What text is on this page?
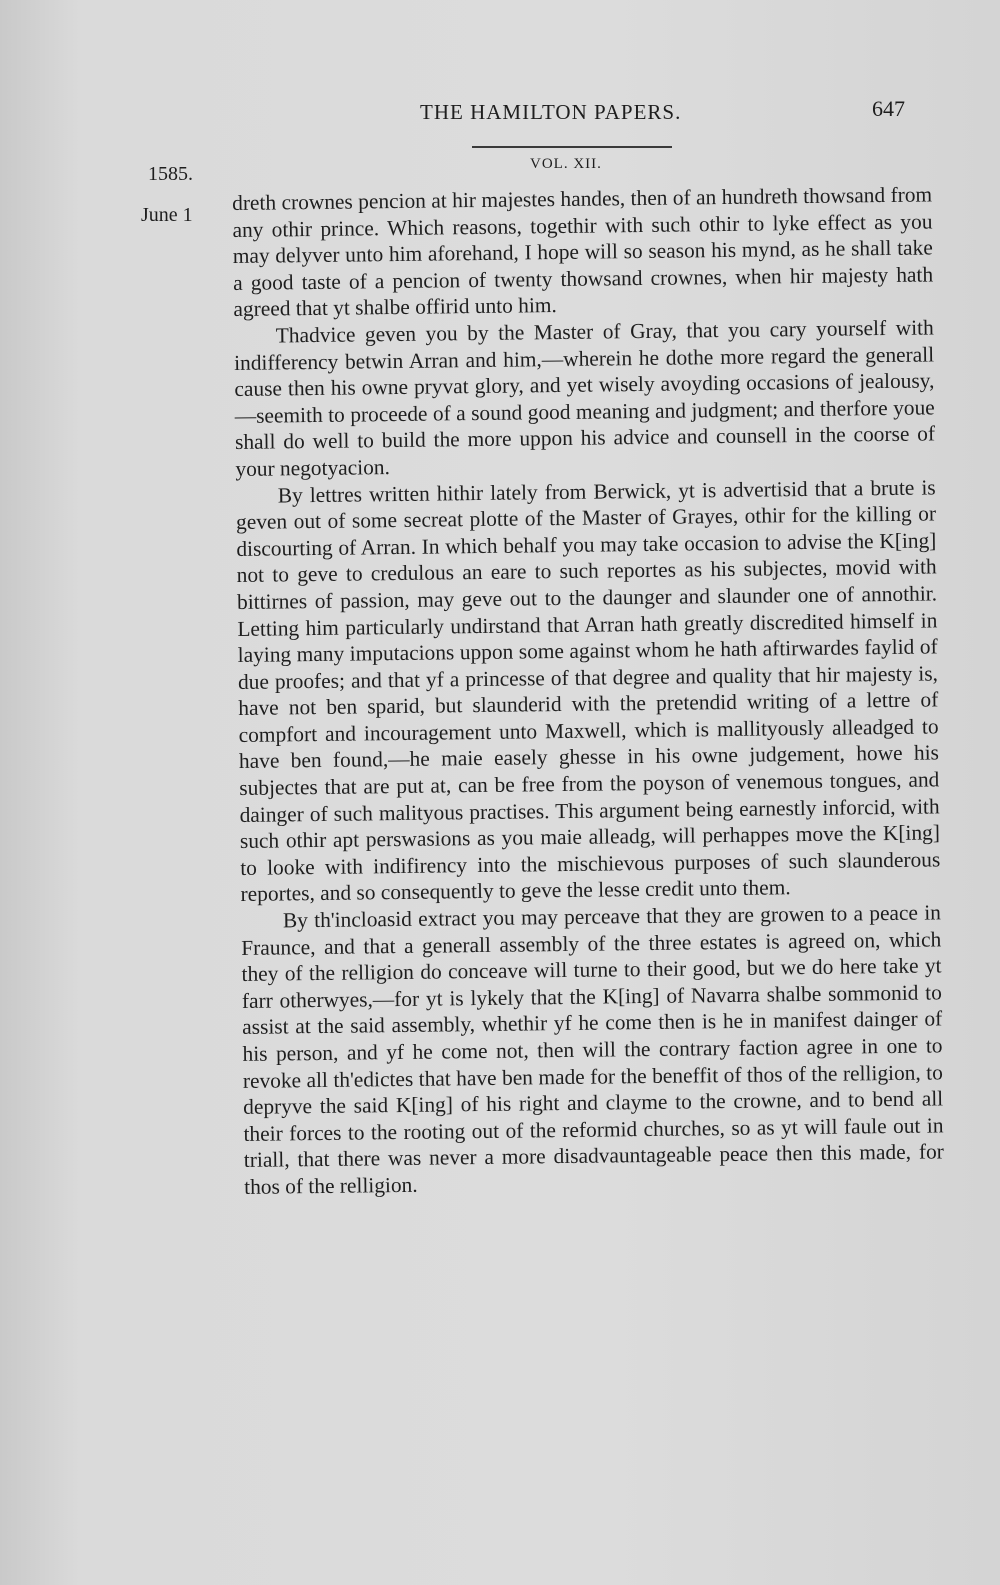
THE HAMILTON PAPERS.	647
VOL. XII.
1585.
June 1

dreth crownes pencion at hir majestes handes, then of an hundreth thowsand from any othir prince. Which reasons, togethir with such othir to lyke effect as you may delyver unto him aforehand, I hope will so season his mynd, as he shall take a good taste of a pencion of twenty thowsand crownes, when hir majesty hath agreed that yt shalbe offirid unto him.

Thadvice geven you by the Master of Gray, that you cary yourself with indifferency betwin Arran and him,—wherein he dothe more regard the generall cause then his owne pryvat glory, and yet wisely avoyding occasions of jealousy,—seemith to proceede of a sound good meaning and judgment; and therfore youe shall do well to build the more uppon his advice and counsell in the coorse of your negotyacion.

By lettres written hithir lately from Berwick, yt is advertisid that a brute is geven out of some secreat plotte of the Master of Grayes, othir for the killing or discourting of Arran. In which behalf you may take occasion to advise the K[ing] not to geve to credulous an eare to such reportes as his subjectes, movid with bittirnes of passion, may geve out to the daunger and slaunder one of annothir. Letting him particularly undirstand that Arran hath greatly discredited himself in laying many imputacions uppon some against whom he hath aftirwardes faylid of due proofes; and that yf a princesse of that degree and quality that hir majesty is, have not ben sparid, but slaunderid with the pretendid writing of a lettre of compfort and incouragement unto Maxwell, which is mallityously alleadged to have ben found,—he maie easely ghesse in his owne judgement, howe his subjectes that are put at, can be free from the poyson of venemous tongues, and dainger of such malityous practises. This argument being earnestly inforcid, with such othir apt perswasions as you maie alleadg, will perhappes move the K[ing] to looke with indifirency into the mischievous purposes of such slaunderous reportes, and so consequently to geve the lesse credit unto them.

By th'incloasid extract you may perceave that they are growen to a peace in Fraunce, and that a generall assembly of the three estates is agreed on, which they of the relligion do conceave will turne to their good, but we do here take yt farr otherwyes,—for yt is lykely that the K[ing] of Navarra shalbe sommonid to assist at the said assembly, whethir yf he come then is he in manifest dainger of his person, and yf he come not, then will the contrary faction agree in one to revoke all th'edictes that have ben made for the beneffit of thos of the relligion, to depryve the said K[ing] of his right and clayme to the crowne, and to bend all their forces to the rooting out of the reformid churches, so as yt will faule out in triall, that there was never a more disadvauntageable peace then this made, for thos of the relligion.
